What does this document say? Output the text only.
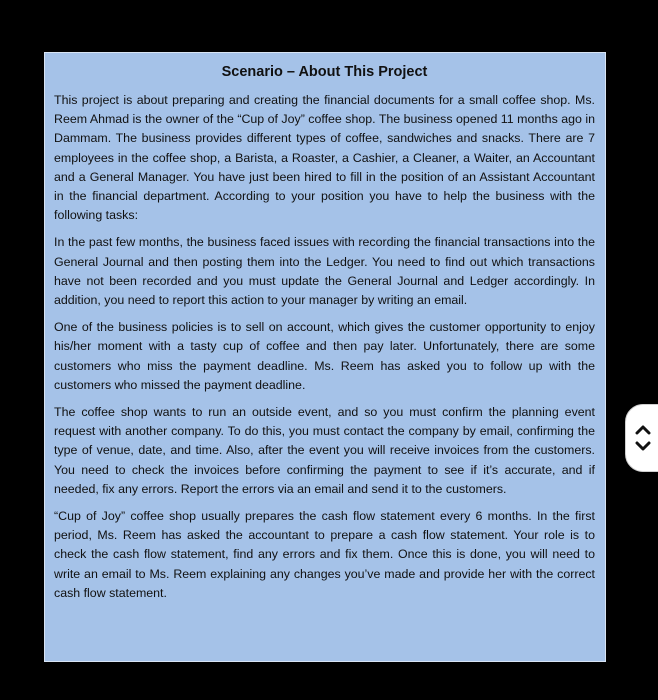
Scenario – About This Project

This project is about preparing and creating the financial documents for a small coffee shop. Ms. Reem Ahmad is the owner of the “Cup of Joy” coffee shop. The business opened 11 months ago in Dammam. The business provides different types of coffee, sandwiches and snacks. There are 7 employees in the coffee shop, a Barista, a Roaster, a Cashier, a Cleaner, a Waiter, an Accountant and a General Manager. You have just been hired to fill in the position of an Assistant Accountant in the financial department. According to your position you have to help the business with the following tasks:

In the past few months, the business faced issues with recording the financial transactions into the General Journal and then posting them into the Ledger. You need to find out which transactions have not been recorded and you must update the General Journal and Ledger accordingly. In addition, you need to report this action to your manager by writing an email.

One of the business policies is to sell on account, which gives the customer opportunity to enjoy his/her moment with a tasty cup of coffee and then pay later. Unfortunately, there are some customers who miss the payment deadline. Ms. Reem has asked you to follow up with the customers who missed the payment deadline.

The coffee shop wants to run an outside event, and so you must confirm the planning event request with another company. To do this, you must contact the company by email, confirming the type of venue, date, and time. Also, after the event you will receive invoices from the customers. You need to check the invoices before confirming the payment to see if it’s accurate, and if needed, fix any errors. Report the errors via an email and send it to the customers.

“Cup of Joy” coffee shop usually prepares the cash flow statement every 6 months. In the first period, Ms. Reem has asked the accountant to prepare a cash flow statement. Your role is to check the cash flow statement, find any errors and fix them. Once this is done, you will need to write an email to Ms. Reem explaining any changes you’ve made and provide her with the correct cash flow statement.
